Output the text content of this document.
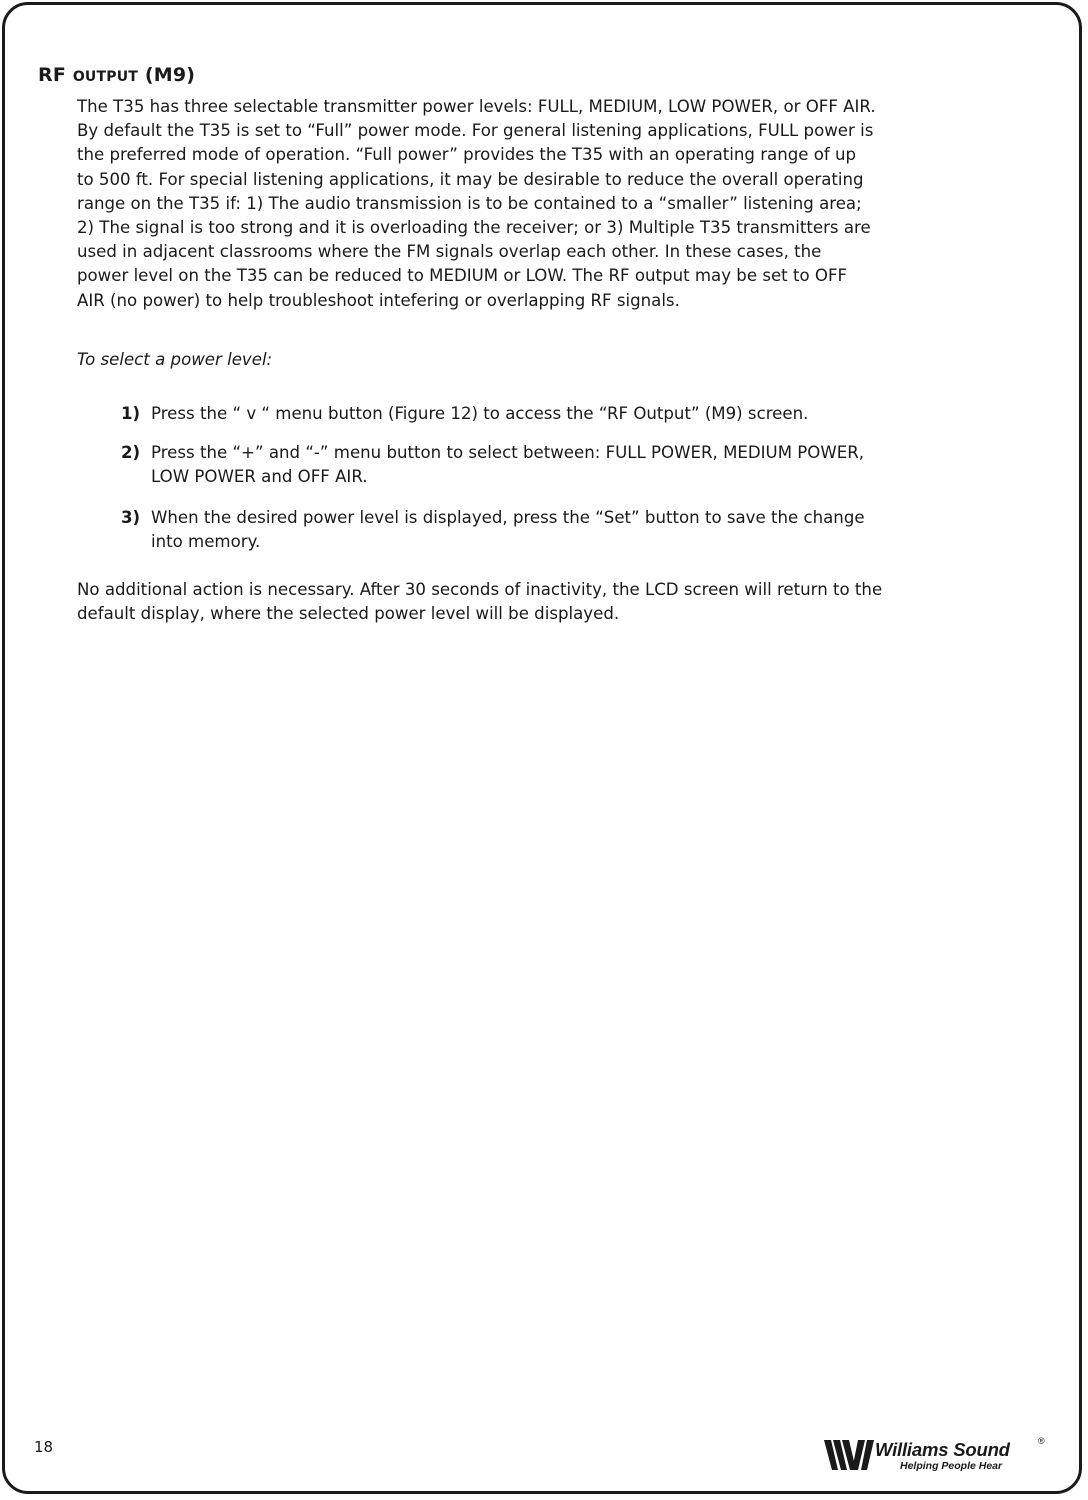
RF OUTPUT (M9)
The T35 has three selectable transmitter power levels: FULL, MEDIUM, LOW POWER, or OFF AIR.
By default the T35 is set to “Full” power mode. For general listening applications, FULL power is
the preferred mode of operation. “Full power” provides the T35 with an operating range of up
to 500 ft. For special listening applications, it may be desirable to reduce the overall operating
range on the T35 if: 1) The audio transmission is to be contained to a “smaller” listening area;
2) The signal is too strong and it is overloading the receiver; or 3) Multiple T35 transmitters are
used in adjacent classrooms where the FM signals overlap each other. In these cases, the
power level on the T35 can be reduced to MEDIUM or LOW. The RF output may be set to OFF
AIR (no power) to help troubleshoot intefering or overlapping RF signals.
To select a power level:
1) Press the “ v “ menu button (Figure 12) to access the “RF Output” (M9) screen.
2) Press the “+” and “-” menu button to select between: FULL POWER, MEDIUM POWER,
LOW POWER and OFF AIR.
3) When the desired power level is displayed, press the “Set” button to save the change
into memory.
No additional action is necessary. After 30 seconds of inactivity, the LCD screen will return to the
default display, where the selected power level will be displayed.
18	Williams Sound	®
Helping People Hear
